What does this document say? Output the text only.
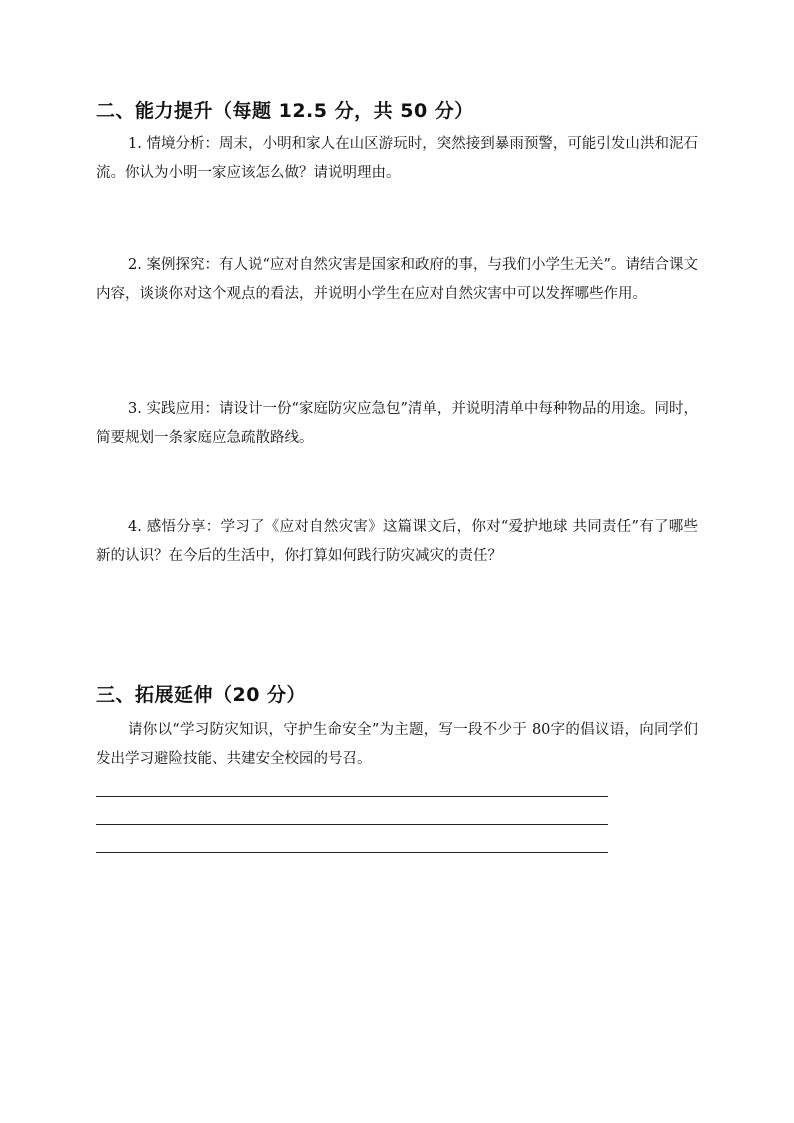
二、能力提升（每题 12.5 分，共 50 分）

1. 情境分析：周末，小明和家人在山区游玩时，突然接到暴雨预警，可能引发山洪和泥石流。你认为小明一家应该怎么做？请说明理由。

2. 案例探究：有人说“应对自然灾害是国家和政府的事，与我们小学生无关”。请结合课文内容，谈谈你对这个观点的看法，并说明小学生在应对自然灾害中可以发挥哪些作用。

3. 实践应用：请设计一份“家庭防灾应急包”清单，并说明清单中每种物品的用途。同时，简要规划一条家庭应急疏散路线。

4. 感悟分享：学习了《应对自然灾害》这篇课文后，你对“爱护地球 共同责任”有了哪些新的认识？在今后的生活中，你打算如何践行防灾减灾的责任？

三、拓展延伸（20 分）

请你以“学习防灾知识，守护生命安全”为主题，写一段不少于 80字的倡议语，向同学们发出学习避险技能、共建安全校园的号召。
